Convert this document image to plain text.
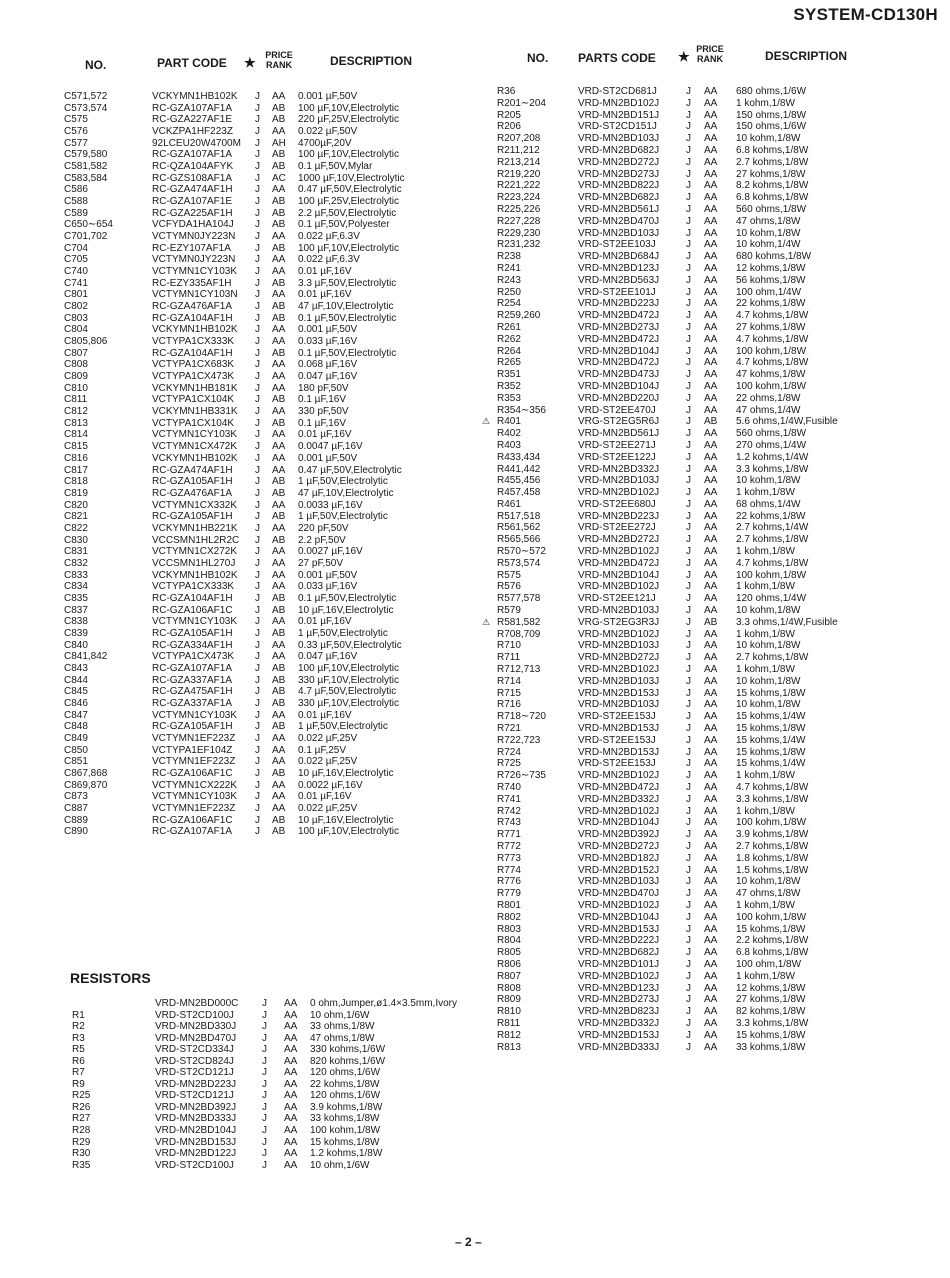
SYSTEM-CD130H
NO.	PART CODE ★	PRICE RANK	DESCRIPTION	NO. PARTS CODE ★ PRICE RANK	DESCRIPTION
C571,572	VCKYMN1HB102K J AA 0.001 µF,50V
C573,574	RC-GZA107AF1A J AB 100 µF,10V,Electrolytic
C575	RC-GZA227AF1E J AB 220 µF,25V,Electrolytic
C576	VCKZPA1HF223Z J AA 0.022 µF,50V
C577	92LCEU20W4700M J AH 4700µF,20V
C579,580	RC-GZA107AF1A J AB 100 µF,10V,Electrolytic
C581,582	RC-QZA104AFYK J AB 0.1 µF,50V,Mylar
C583,584	RC-GZS108AF1A J AC 1000 µF,10V,Electrolytic
C586	RC-GZA474AF1H J AA 0.47 µF,50V,Electrolytic
C588	RC-GZA107AF1E J AB 100 µF,25V,Electrolytic
C589	RC-GZA225AF1H J AB 2.2 µF,50V,Electrolytic
C650∼654	VCFYDA1HA104J J AB 0.1 µF,50V,Polyester
C701,702	VCTYMN0JY223N J AA 0.022 µF,6.3V
C704	RC-EZY107AF1A J AB 100 µF,10V,Electrolytic
C705	VCTYMN0JY223N J AA 0.022 µF,6.3V
C740	VCTYMN1CY103K J AA 0.01 µF,16V
C741	RC-EZY335AF1H J AB 3.3 µF,50V,Electrolytic
C801	VCTYMN1CY103N J AA 0.01 µF,16V
C802	RC-GZA476AF1A J AB 47 µF,10V,Electrolytic
C803	RC-GZA104AF1H J AB 0.1 µF,50V,Electrolytic
C804	VCKYMN1HB102K J AA 0.001 µF,50V
C805,806	VCTYPA1CX333K J AA 0.033 µF,16V
C807	RC-GZA104AF1H J AB 0.1 µF,50V,Electrolytic
C808	VCTYPA1CX683K J AA 0.068 µF,16V
C809	VCTYPA1CX473K J AA 0.047 µF,16V
C810	VCKYMN1HB181K J AA 180 pF,50V
C811	VCTYPA1CX104K J AB 0.1 µF,16V
C812	VCKYMN1HB331K J AA 330 pF,50V
C813	VCTYPA1CX104K J AB 0.1 µF,16V
C814	VCTYMN1CY103K J AA 0.01 µF,16V
C815	VCTYMN1CX472K J AA 0.0047 µF,16V
C816	VCKYMN1HB102K J AA 0.001 µF,50V
C817	RC-GZA474AF1H J AA 0.47 µF,50V,Electrolytic
C818	RC-GZA105AF1H J AB 1 µF,50V,Electrolytic
C819	RC-GZA476AF1A J AB 47 µF,10V,Electrolytic
C820	VCTYMN1CX332K J AA 0.0033 µF,16V
C821	RC-GZA105AF1H J AB 1 µF,50V,Electrolytic
C822	VCKYMN1HB221K J AA 220 pF,50V
C830	VCCSMN1HL2R2C J AB 2.2 pF,50V
C831	VCTYMN1CX272K J AA 0.0027 µF,16V
C832	VCCSMN1HL270J J AA 27 pF,50V
C833	VCKYMN1HB102K J AA 0.001 µF,50V
C834	VCTYPA1CX333K J AA 0.033 µF,16V
C835	RC-GZA104AF1H J AB 0.1 µF,50V,Electrolytic
C837	RC-GZA106AF1C J AB 10 µF,16V,Electrolytic
C838	VCTYMN1CY103K J AA 0.01 µF,16V
C839	RC-GZA105AF1H J AB 1 µF,50V,Electrolytic
C840	RC-GZA334AF1H J AA 0.33 µF,50V,Electrolytic
C841,842	VCTYPA1CX473K J AA 0.047 µF,16V
C843	RC-GZA107AF1A J AB 100 µF,10V,Electrolytic
C844	RC-GZA337AF1A J AB 330 µF,10V,Electrolytic
C845	RC-GZA475AF1H J AB 4.7 µF,50V,Electrolytic
C846	RC-GZA337AF1A J AB 330 µF,10V,Electrolytic
C847	VCTYMN1CY103K J AA 0.01 µF,16V
C848	RC-GZA105AF1H J AB 1 µF,50V,Electrolytic
C849	VCTYMN1EF223Z J AA 0.022 µF,25V
C850	VCTYPA1EF104Z J AA 0.1 µF,25V
C851	VCTYMN1EF223Z J AA 0.022 µF,25V
C867,868	RC-GZA106AF1C J AB 10 µF,16V,Electrolytic
C869,870	VCTYMN1CX222K J AA 0.0022 µF,16V
C873	VCTYMN1CY103K J AA 0.01 µF,16V
C887	VCTYMN1EF223Z J AA 0.022 µF,25V
C889	RC-GZA106AF1C J AB 10 µF,16V,Electrolytic
C890	RC-GZA107AF1A J AB 100 µF,10V,Electrolytic
RESISTORS
VRD-MN2BD000C J AA 0 ohm,Jumper,ø1.4×3.5mm,Ivory
R1	VRD-ST2CD100J	J AA 10 ohm,1/6W
R2	VRD-MN2BD330J	J AA 33 ohms,1/8W
R3	VRD-MN2BD470J	J AA 47 ohms,1/8W
R5	VRD-ST2CD334J	J AA 330 kohms,1/6W
R6	VRD-ST2CD824J	J AA 820 kohms,1/6W
R7	VRD-ST2CD121J	J AA 120 ohms,1/6W
R9	VRD-MN2BD223J	J AA 22 kohms,1/8W
R25	VRD-ST2CD121J	J AA 120 ohms,1/6W
R26	VRD-MN2BD392J	J AA 3.9 kohms,1/8W
R27	VRD-MN2BD333J	J AA 33 kohms,1/8W
R28	VRD-MN2BD104J	J AA 100 kohm,1/8W
R29	VRD-MN2BD153J	J AA 15 kohms,1/8W
R30	VRD-MN2BD122J	J AA 1.2 kohms,1/8W
R35	VRD-ST2CD100J	J AA 10 ohm,1/6W
R36	VRD-ST2CD681J	J AA 680 ohms,1/6W
R201∼204	VRD-MN2BD102J	J AA 1 kohm,1/8W
R205	VRD-MN2BD151J	J AA 150 ohms,1/8W
R206	VRD-ST2CD151J	J AA 150 ohms,1/6W
R207,208	VRD-MN2BD103J	J AA 10 kohm,1/8W
R211,212	VRD-MN2BD682J	J AA 6.8 kohms,1/8W
R213,214	VRD-MN2BD272J	J AA 2.7 kohms,1/8W
R219,220	VRD-MN2BD273J	J AA 27 kohms,1/8W
R221,222	VRD-MN2BD822J	J AA 8.2 kohms,1/8W
R223,224	VRD-MN2BD682J	J AA 6.8 kohms,1/8W
R225,226	VRD-MN2BD561J	J AA 560 ohms,1/8W
R227,228	VRD-MN2BD470J	J AA 47 ohms,1/8W
R229,230	VRD-MN2BD103J	J AA 10 kohm,1/8W
R231,232	VRD-ST2EE103J	J AA 10 kohm,1/4W
R238	VRD-MN2BD684J	J AA 680 kohms,1/8W
R241	VRD-MN2BD123J	J AA 12 kohms,1/8W
R243	VRD-MN2BD563J	J AA 56 kohms,1/8W
R250	VRD-ST2EE101J	J AA 100 ohm,1/4W
R254	VRD-MN2BD223J	J AA 22 kohms,1/8W
R259,260	VRD-MN2BD472J	J AA 4.7 kohms,1/8W
R261	VRD-MN2BD273J	J AA 27 kohms,1/8W
R262	VRD-MN2BD472J	J AA 4.7 kohms,1/8W
R264	VRD-MN2BD104J	J AA 100 kohm,1/8W
R265	VRD-MN2BD472J	J AA 4.7 kohms,1/8W
R351	VRD-MN2BD473J	J AA 47 kohms,1/8W
R352	VRD-MN2BD104J	J AA 100 kohm,1/8W
R353	VRD-MN2BD220J	J AA 22 ohms,1/8W
R354∼356	VRD-ST2EE470J	J AA 47 ohms,1/4W
⚠ R401	VRG-ST2EG5R6J	J AB 5.6 ohms,1/4W,Fusible
R402	VRD-MN2BD561J	J AA 560 ohms,1/8W
R403	VRD-ST2EE271J	J AA 270 ohms,1/4W
R433,434	VRD-ST2EE122J	J AA 1.2 kohms,1/4W
R441,442	VRD-MN2BD332J	J AA 3.3 kohms,1/8W
R455,456	VRD-MN2BD103J	J AA 10 kohm,1/8W
R457,458	VRD-MN2BD102J	J AA 1 kohm,1/8W
R461	VRD-ST2EE680J	J AA 68 ohms,1/4W
R517,518	VRD-MN2BD223J	J AA 22 kohms,1/8W
R561,562	VRD-ST2EE272J	J AA 2.7 kohms,1/4W
R565,566	VRD-MN2BD272J	J AA 2.7 kohms,1/8W
R570∼572	VRD-MN2BD102J	J AA 1 kohm,1/8W
R573,574	VRD-MN2BD472J	J AA 4.7 kohms,1/8W
R575	VRD-MN2BD104J	J AA 100 kohm,1/8W
R576	VRD-MN2BD102J	J AA 1 kohm,1/8W
R577,578	VRD-ST2EE121J	J AA 120 ohms,1/4W
R579	VRD-MN2BD103J	J AA 10 kohm,1/8W
⚠ R581,582	VRG-ST2EG3R3J	J AB 3.3 ohms,1/4W,Fusible
R708,709	VRD-MN2BD102J	J AA 1 kohm,1/8W
R710	VRD-MN2BD103J	J AA 10 kohm,1/8W
R711	VRD-MN2BD272J	J AA 2.7 kohms,1/8W
R712,713	VRD-MN2BD102J	J AA 1 kohm,1/8W
R714	VRD-MN2BD103J	J AA 10 kohm,1/8W
R715	VRD-MN2BD153J	J AA 15 kohms,1/8W
R716	VRD-MN2BD103J	J AA 10 kohm,1/8W
R718∼720	VRD-ST2EE153J	J AA 15 kohms,1/4W
R721	VRD-MN2BD153J	J AA 15 kohms,1/8W
R722,723	VRD-ST2EE153J	J AA 15 kohms,1/4W
R724	VRD-MN2BD153J	J AA 15 kohms,1/8W
R725	VRD-ST2EE153J	J AA 15 kohms,1/4W
R726∼735	VRD-MN2BD102J	J AA 1 kohm,1/8W
R740	VRD-MN2BD472J	J AA 4.7 kohms,1/8W
R741	VRD-MN2BD332J	J AA 3.3 kohms,1/8W
R742	VRD-MN2BD102J	J AA 1 kohm,1/8W
R743	VRD-MN2BD104J	J AA 100 kohm,1/8W
R771	VRD-MN2BD392J	J AA 3.9 kohms,1/8W
R772	VRD-MN2BD272J	J AA 2.7 kohms,1/8W
R773	VRD-MN2BD182J	J AA 1.8 kohms,1/8W
R774	VRD-MN2BD152J	J AA 1.5 kohms,1/8W
R776	VRD-MN2BD103J	J AA 10 kohm,1/8W
R779	VRD-MN2BD470J	J AA 47 ohms,1/8W
R801	VRD-MN2BD102J	J AA 1 kohm,1/8W
R802	VRD-MN2BD104J	J AA 100 kohm,1/8W
R803	VRD-MN2BD153J	J AA 15 kohms,1/8W
R804	VRD-MN2BD222J	J AA 2.2 kohms,1/8W
R805	VRD-MN2BD682J	J AA 6.8 kohms,1/8W
R806	VRD-MN2BD101J	J AA 100 ohm,1/8W
R807	VRD-MN2BD102J	J AA 1 kohm,1/8W
R808	VRD-MN2BD123J	J AA 12 kohms,1/8W
R809	VRD-MN2BD273J	J AA 27 kohms,1/8W
R810	VRD-MN2BD823J	J AA 82 kohms,1/8W
R811	VRD-MN2BD332J	J AA 3.3 kohms,1/8W
R812	VRD-MN2BD153J	J AA 15 kohms,1/8W
R813	VRD-MN2BD333J	J AA 33 kohms,1/8W
– 2 –
